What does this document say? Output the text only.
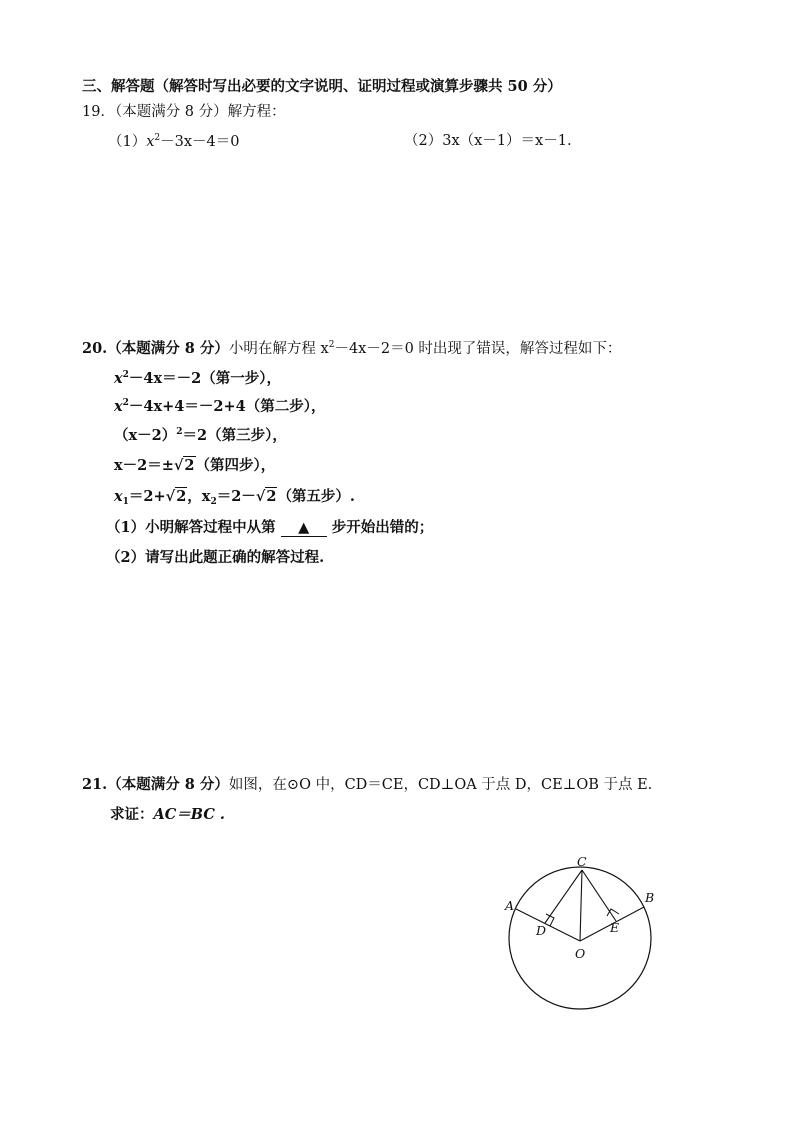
三、解答题（解答时写出必要的文字说明、证明过程或演算步骤共 50 分）
19．（本题满分 8 分）解方程：
$(1)x^2-3x-4=0$	（2）3x（x－1）＝x－1.
20.（本题满分 8 分）小明在解方程 $x^2-4x-2=0$ 时出现了错误，解答过程如下：
$x^2-4x=-2$（第一步），
$x^2-4x+4=-2+4$（第二步），
$(x-2)^2=2$（第三步），
x－2＝±√2（第四步），
$x_1=2+√2$，$x_2=2-√2$（第五步）.
（1）小明解答过程中从第 ▲ 步开始出错的；
（2）请写出此题正确的解答过程.
21.（本题满分 8 分）如图，在⊙O 中，CD＝CE，CD⊥OA 于点 D，CE⊥OB 于点 E.
求证：AC＝BC .
C
A
B
D	E
O
